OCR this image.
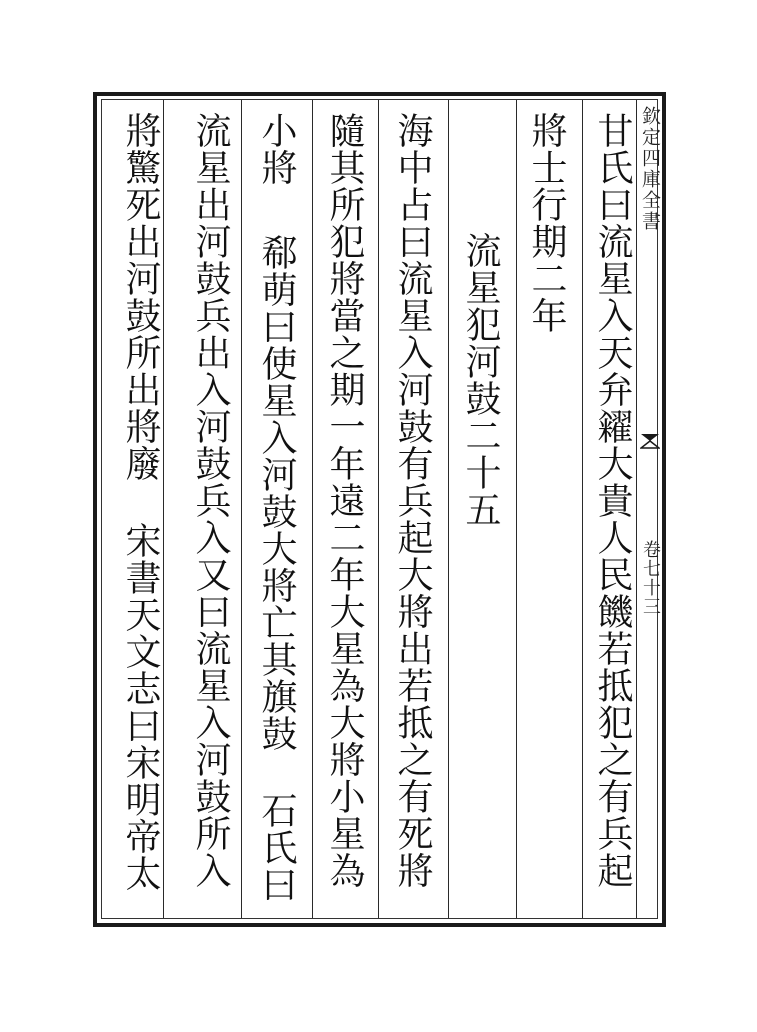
欽定四庫全書
卷七十三
甘氏曰流星入天弁糴大貴人民饑若抵犯之有兵起
將士行期二年
流星犯河鼓二十五
海中占曰流星入河鼓有兵起大將出若抵之有死將
隨其所犯將當之期一年遠二年大星為大將小星為
小將郗萌曰使星入河鼓大將亡其旗鼓石氏曰
流星出河鼓兵出入河鼓兵入又曰流星入河鼓所入
將驚死出河鼓所出將廢宋書天文志曰宋明帝太
